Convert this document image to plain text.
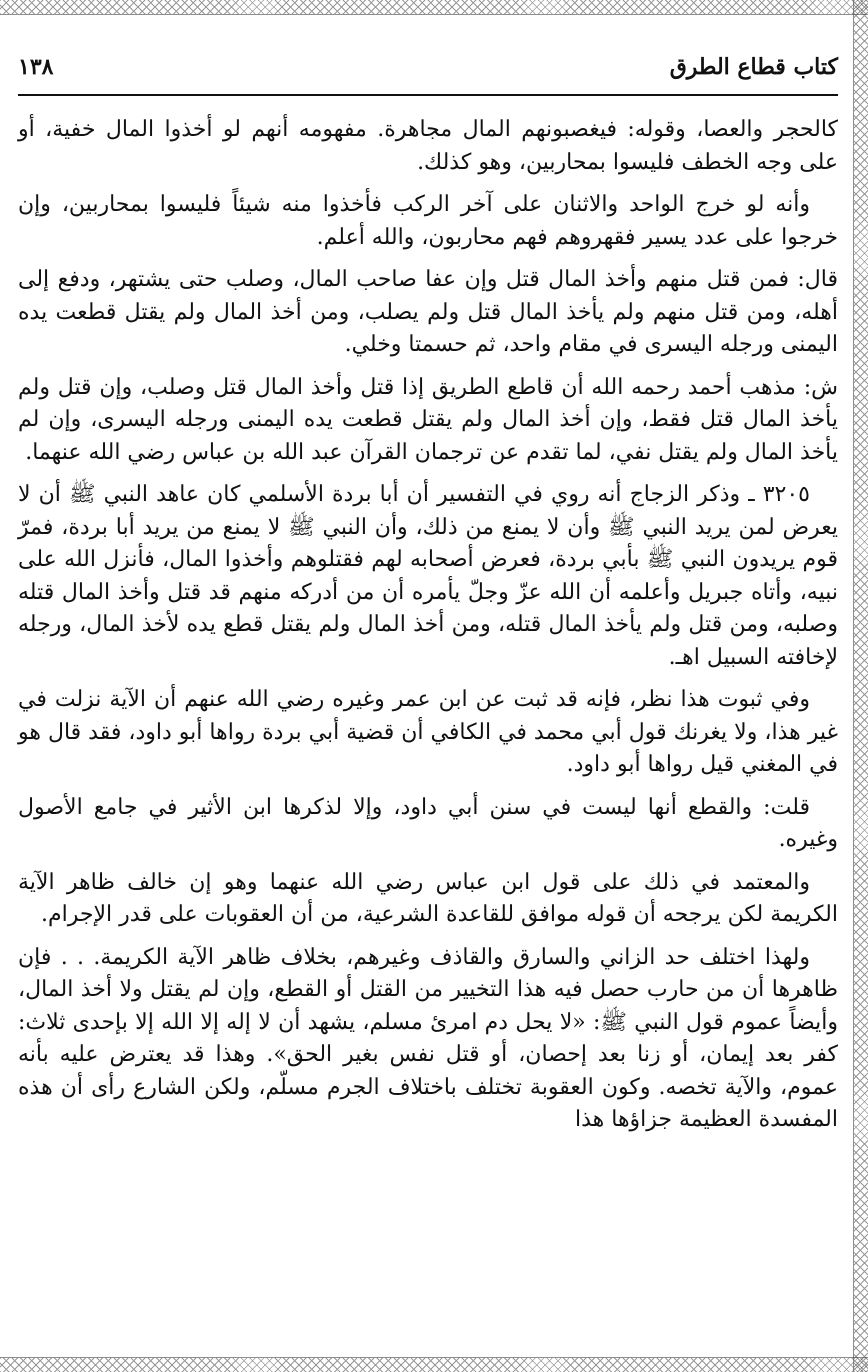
١٣٨	كتاب قطاع الطرق

كالحجر والعصا، وقوله: فيغصبونهم المال مجاهرة. مفهومه أنهم لو أخذوا المال خفية، أو على وجه الخطف فليسوا بمحاربين، وهو كذلك.

وأنه لو خرج الواحد والاثنان على آخر الركب فأخذوا منه شيئاً فليسوا بمحاربين، وإن خرجوا على عدد يسير فقهروهم فهم محاربون، والله أعلم.

قال: فمن قتل منهم وأخذ المال قتل وإن عفا صاحب المال، وصلب حتى يشتهر، ودفع إلى أهله، ومن قتل منهم ولم يأخذ المال قتل ولم يصلب، ومن أخذ المال ولم يقتل قطعت يده اليمنى ورجله اليسرى في مقام واحد، ثم حسمتا وخلي.

ش: مذهب أحمد رحمه الله أن قاطع الطريق إذا قتل وأخذ المال قتل وصلب، وإن قتل ولم يأخذ المال قتل فقط، وإن أخذ المال ولم يقتل قطعت يده اليمنى ورجله اليسرى، وإن لم يأخذ المال ولم يقتل نفي، لما تقدم عن ترجمان القرآن عبد الله بن عباس رضي الله عنهما.

٣٢٠٥ ـ وذكر الزجاج أنه روي في التفسير أن أبا بردة الأسلمي كان عاهد النبي ﷺ أن لا يعرض لمن يريد النبي ﷺ وأن لا يمنع من ذلك، وأن النبي ﷺ لا يمنع من يريد أبا بردة، فمرّ قوم يريدون النبي ﷺ بأبي بردة، فعرض أصحابه لهم فقتلوهم وأخذوا المال، فأنزل الله على نبيه، وأتاه جبريل وأعلمه أن الله عزّ وجلّ يأمره أن من أدركه منهم قد قتل وأخذ المال قتله وصلبه، ومن قتل ولم يأخذ المال قتله، ومن أخذ المال ولم يقتل قطع يده لأخذ المال، ورجله لإخافته السبيل اهـ.

وفي ثبوت هذا نظر، فإنه قد ثبت عن ابن عمر وغيره رضي الله عنهم أن الآية نزلت في غير هذا، ولا يغرنك قول أبي محمد في الكافي أن قضية أبي بردة رواها أبو داود، فقد قال هو في المغني قيل رواها أبو داود.

قلت: والقطع أنها ليست في سنن أبي داود، وإلا لذكرها ابن الأثير في جامع الأصول وغيره.

والمعتمد في ذلك على قول ابن عباس رضي الله عنهما وهو إن خالف ظاهر الآية الكريمة لكن يرجحه أن قوله موافق للقاعدة الشرعية، من أن العقوبات على قدر الإجرام.

ولهذا اختلف حد الزاني والسارق والقاذف وغيرهم، بخلاف ظاهر الآية الكريمة. . . فإن ظاهرها أن من حارب حصل فيه هذا التخيير من القتل أو القطع، وإن لم يقتل ولا أخذ المال، وأيضاً عموم قول النبي ﷺ: «لا يحل دم امرئ مسلم، يشهد أن لا إله إلا الله إلا بإحدى ثلاث: كفر بعد إيمان، أو زنا بعد إحصان، أو قتل نفس بغير الحق». وهذا قد يعترض عليه بأنه عموم، والآية تخصه. وكون العقوبة تختلف باختلاف الجرم مسلّم، ولكن الشارع رأى أن هذه المفسدة العظيمة جزاؤها هذا
